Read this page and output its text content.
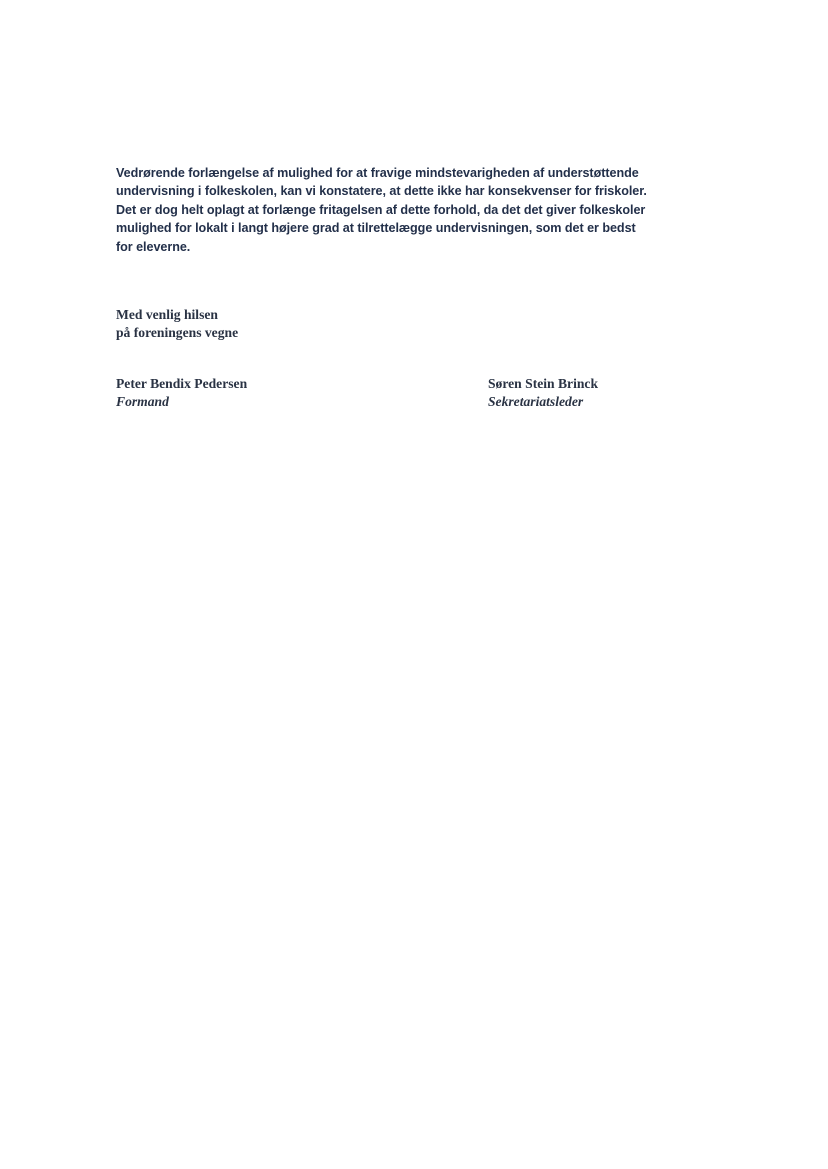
Vedrørende forlængelse af mulighed for at fravige mindstevarigheden af understøttende
undervisning i folkeskolen, kan vi konstatere, at dette ikke har konsekvenser for friskoler.
Det er dog helt oplagt at forlænge fritagelsen af dette forhold, da det det giver folkeskoler
mulighed for lokalt i langt højere grad at tilrettelægge undervisningen, som det er bedst
for eleverne.

Med venlig hilsen
på foreningens vegne
Peter Bendix Pedersen
Formand
Søren Stein Brinck
Sekretariatsleder
